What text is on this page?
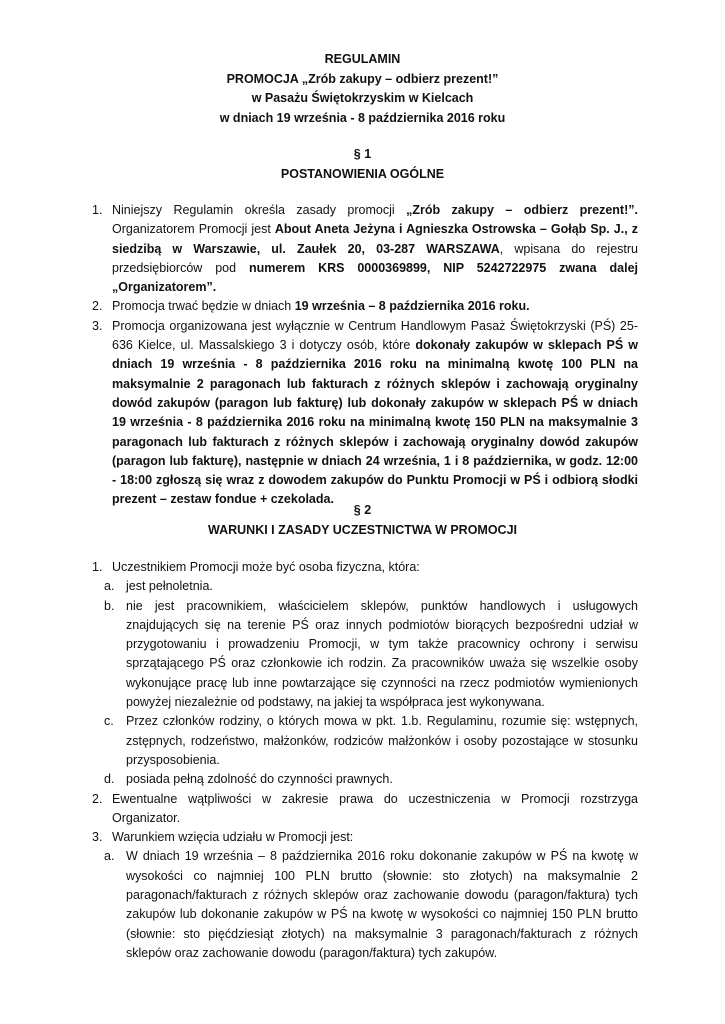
REGULAMIN
PROMOCJA „Zrób zakupy – odbierz prezent!”
w Pasażu Świętokrzyskim w Kielcach
w dniach 19 września - 8 października 2016 roku
§ 1
POSTANOWIENIA OGÓLNE
1. Niniejszy Regulamin określa zasady promocji „Zrób zakupy – odbierz prezent!”. Organizatorem Promocji jest About Aneta Jeżyna i Agnieszka Ostrowska – Gołąb Sp. J., z siedzibą w Warszawie, ul. Zaułek 20, 03-287 WARSZAWA, wpisana do rejestru przedsiębiorców pod numerem KRS 0000369899, NIP 5242722975 zwana dalej „Organizatorem”.
2. Promocja trwać będzie w dniach 19 września – 8 października 2016 roku.
3. Promocja organizowana jest wyłącznie w Centrum Handlowym Pasaż Świętokrzyski (PŚ) 25-636 Kielce, ul. Massalskiego 3 i dotyczy osób, które dokonały zakupów w sklepach PŚ w dniach 19 września - 8 października 2016 roku na minimalną kwotę 100 PLN na maksymalnie 2 paragonach lub fakturach z różnych sklepów i zachowają oryginalny dowód zakupów (paragon lub fakturę) lub dokonały zakupów w sklepach PŚ w dniach 19 września - 8 października 2016 roku na minimalną kwotę 150 PLN na maksymalnie 3 paragonach lub fakturach z różnych sklepów i zachowają oryginalny dowód zakupów (paragon lub fakturę), następnie w dniach 24 września, 1 i 8 października, w godz. 12:00 - 18:00 zgłoszą się wraz z dowodem zakupów do Punktu Promocji w PŚ i odbiorą słodki prezent – zestaw fondue + czekolada.
§ 2
WARUNKI I ZASADY UCZESTNICTWA W PROMOCJI
1. Uczestnikiem Promocji może być osoba fizyczna, która:
a. jest pełnoletnia.
b. nie jest pracownikiem, właścicielem sklepów, punktów handlowych i usługowych znajdujących się na terenie PŚ oraz innych podmiotów biorących bezpośredni udział w przygotowaniu i prowadzeniu Promocji, w tym także pracownicy ochrony i serwisu sprzątającego PŚ oraz członkowie ich rodzin. Za pracowników uważa się wszelkie osoby wykonujące pracę lub inne powtarzające się czynności na rzecz podmiotów wymienionych powyżej niezależnie od podstawy, na jakiej ta współpraca jest wykonywana.
c. Przez członków rodziny, o których mowa w pkt. 1.b. Regulaminu, rozumie się: wstępnych, zstępnych, rodzeństwo, małżonków, rodziców małżonków i osoby pozostające w stosunku przysposobienia.
d. posiada pełną zdolność do czynności prawnych.
2. Ewentualne wątpliwości w zakresie prawa do uczestniczenia w Promocji rozstrzyga Organizator.
3. Warunkiem wzięcia udziału w Promocji jest:
a. W dniach 19 września – 8 października 2016 roku dokonanie zakupów w PŚ na kwotę w wysokości co najmniej 100 PLN brutto (słownie: sto złotych) na maksymalnie 2 paragonach/fakturach z różnych sklepów oraz zachowanie dowodu (paragon/faktura) tych zakupów lub dokonanie zakupów w PŚ na kwotę w wysokości co najmniej 150 PLN brutto (słownie: sto pięćdziesiąt złotych) na maksymalnie 3 paragonach/fakturach z różnych sklepów oraz zachowanie dowodu (paragon/faktura) tych zakupów.
